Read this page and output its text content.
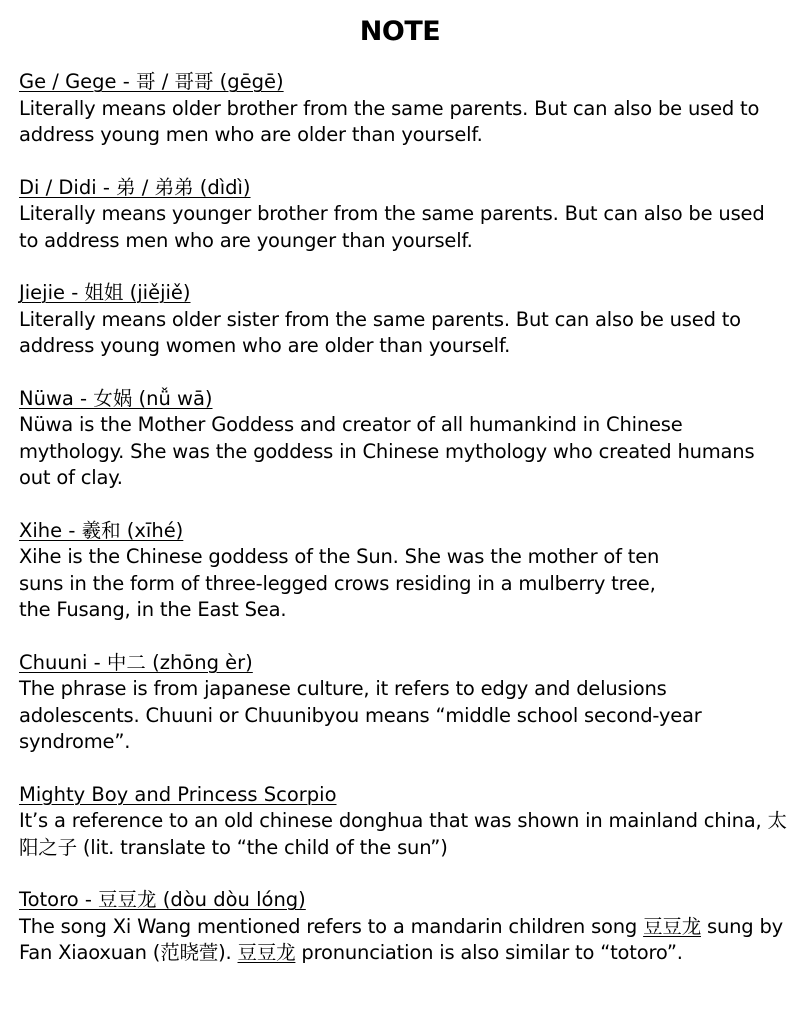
NOTE
Ge / Gege - 哥 / 哥哥 (gēgē)
Literally means older brother from the same parents. But can also be used to address young men who are older than yourself.
Di / Didi - 弟 / 弟弟 (dìdì)
Literally means younger brother from the same parents. But can also be used to address men who are younger than yourself.
Jiejie - 姐姐 (jiějiě)
Literally means older sister from the same parents. But can also be used to address young women who are older than yourself.
Nüwa - 女娲 (nǚ wā)
Nüwa is the Mother Goddess and creator of all humankind in Chinese mythology. She was the goddess in Chinese mythology who created humans out of clay.
Xihe - 羲和 (xīhé)
Xihe is the Chinese goddess of the Sun. She was the mother of ten
suns in the form of three-legged crows residing in a mulberry tree,
the Fusang, in the East Sea.
Chuuni - 中二 (zhōng èr)
The phrase is from japanese culture, it refers to edgy and delusions adolescents. Chuuni or Chuunibyou means “middle school second-year syndrome”.
Mighty Boy and Princess Scorpio
It’s a reference to an old chinese donghua that was shown in mainland china, 太阳之子 (lit. translate to “the child of the sun”)
Totoro - 豆豆龙 (dòu dòu lóng)
The song Xi Wang mentioned refers to a mandarin children song 豆豆龙 sung by Fan Xiaoxuan (范晓萱). 豆豆龙 pronunciation is also similar to “totoro”.
